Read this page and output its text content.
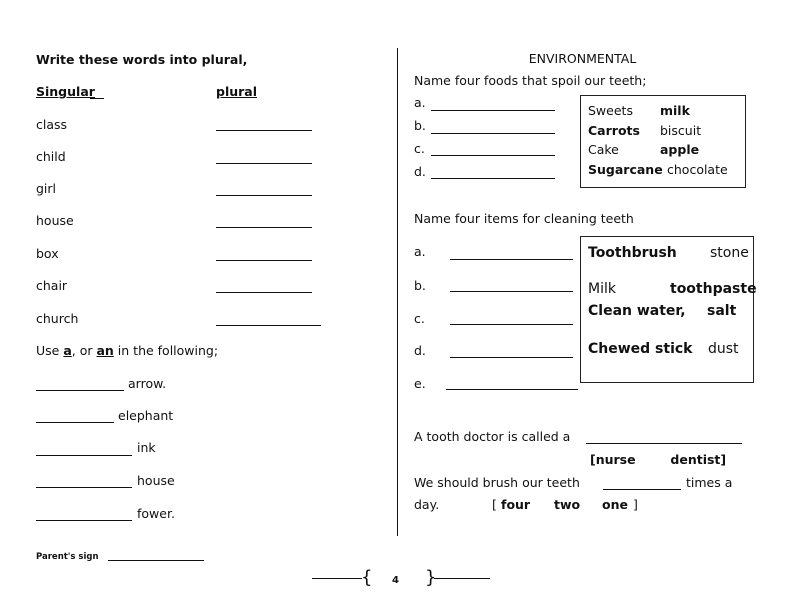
Write these words into plural,
Singular	plural
class
child
girl
house
box
chair
church
Use a, or an in the following;
arrow.
elephant
ink
house
fower.
Parent's sign
ENVIRONMENTAL
Name four foods that spoil our teeth;
a.
b.
c.
d.
Sweets milk
Carrots biscuit
Cake	apple
Sugarcane chocolate
Name four items for cleaning teeth
a.
b.
c.
d.
e.
Toothbrush stone
Milk	toothpaste
Clean water, salt
Chewed stick dust
A tooth doctor is called a
[nurse        dentist]
We should brush our teeth	times a
day.	[ four two one ]
{ 4 }
